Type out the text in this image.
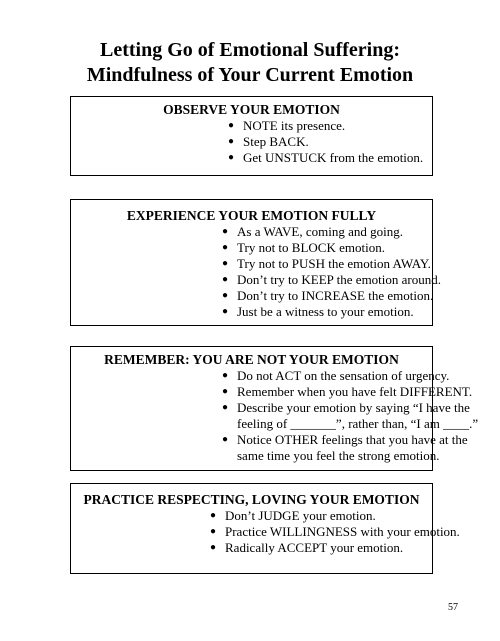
Letting Go of Emotional Suffering:
Mindfulness of Your Current Emotion
OBSERVE YOUR EMOTION
● NOTE its presence.
● Step BACK.
● Get UNSTUCK from the emotion.
EXPERIENCE YOUR EMOTION FULLY
● As a WAVE, coming and going.
● Try not to BLOCK emotion.
● Try not to PUSH the emotion AWAY.
● Don’t try to KEEP the emotion around.
● Don’t try to INCREASE the emotion.
● Just be a witness to your emotion.
REMEMBER: YOU ARE NOT YOUR EMOTION
● Do not ACT on the sensation of urgency.
● Remember when you have felt DIFFERENT.
● Describe your emotion by saying “I have the
feeling of _______”, rather than, “I am ____.”
● Notice OTHER feelings that you have at the
same time you feel the strong emotion.
PRACTICE RESPECTING, LOVING YOUR EMOTION
● Don’t JUDGE your emotion.
● Practice WILLINGNESS with your emotion.
● Radically ACCEPT your emotion.
57
